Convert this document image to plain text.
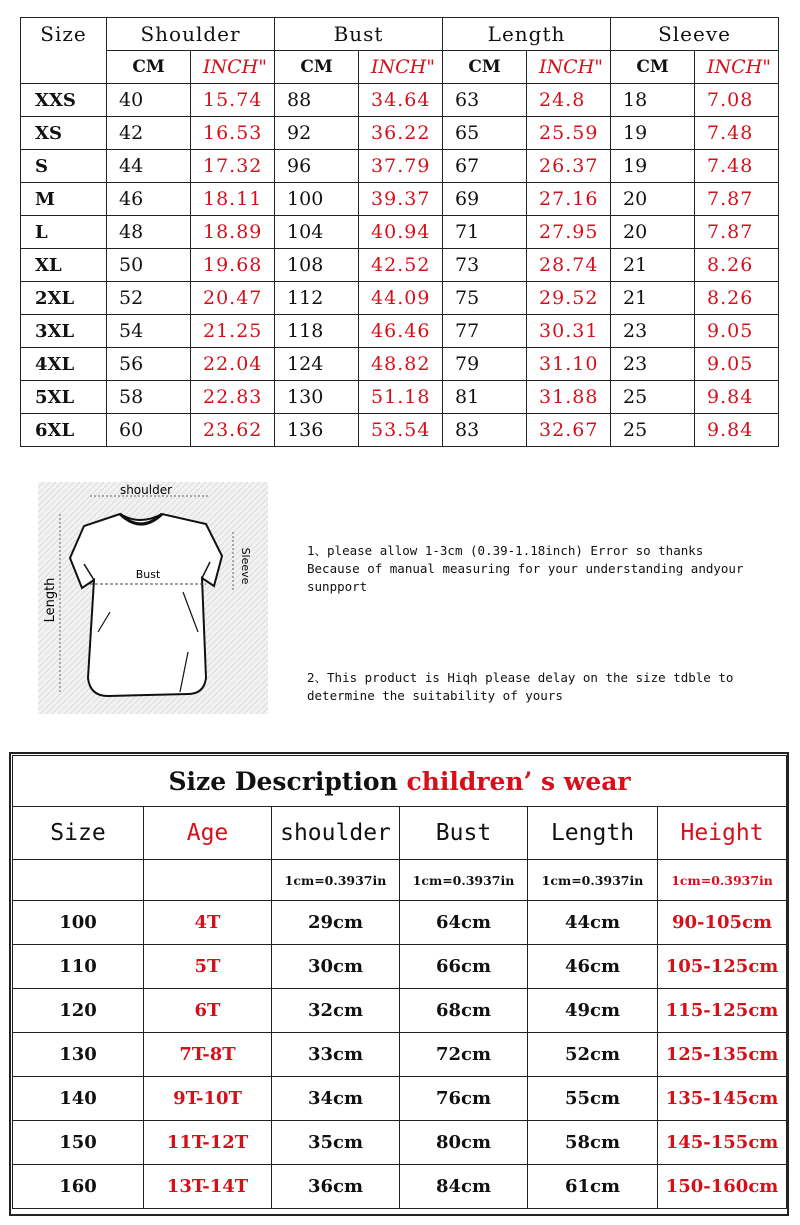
Size	Shoulder		Bust		Length		Sleeve	
	CM	INCH"	CM	INCH"	CM	INCH"	CM	INCH"
XXS	40	15.74	88	34.64	63	24.8	18	7.08
XS	42	16.53	92	36.22	65	25.59	19	7.48
S	44	17.32	96	37.79	67	26.37	19	7.48
M	46	18.11	100	39.37	69	27.16	20	7.87
L	48	18.89	104	40.94	71	27.95	20	7.87
XL	50	19.68	108	42.52	73	28.74	21	8.26
2XL	52	20.47	112	44.09	75	29.52	21	8.26
3XL	54	21.25	118	46.46	77	30.31	23	9.05
4XL	56	22.04	124	48.82	79	31.10	23	9.05
5XL	58	22.83	130	51.18	81	31.88	25	9.84
6XL	60	23.62	136	53.54	83	32.67	25	9.84
shoulder
Bust
Length
Sleeve	1、please allow 1-3cm (0.39-1.18inch) Error so thanks
Because of manual measuring for your understanding andyour
sunpport
2、This product is Hiqh please delay on the size tdble to
determine the suitability of yours
Size Description children’ s wear					
Size	Age	shoulder	Bust	Length	Height
		1cm=0.3937in	1cm=0.3937in	1cm=0.3937in	1cm=0.3937in
100	4T	29cm	64cm	44cm	90-105cm
110	5T	30cm	66cm	46cm	105-125cm
120	6T	32cm	68cm	49cm	115-125cm
130	7T-8T	33cm	72cm	52cm	125-135cm
140	9T-10T	34cm	76cm	55cm	135-145cm
150	11T-12T	35cm	80cm	58cm	145-155cm
160	13T-14T	36cm	84cm	61cm	150-160cm
